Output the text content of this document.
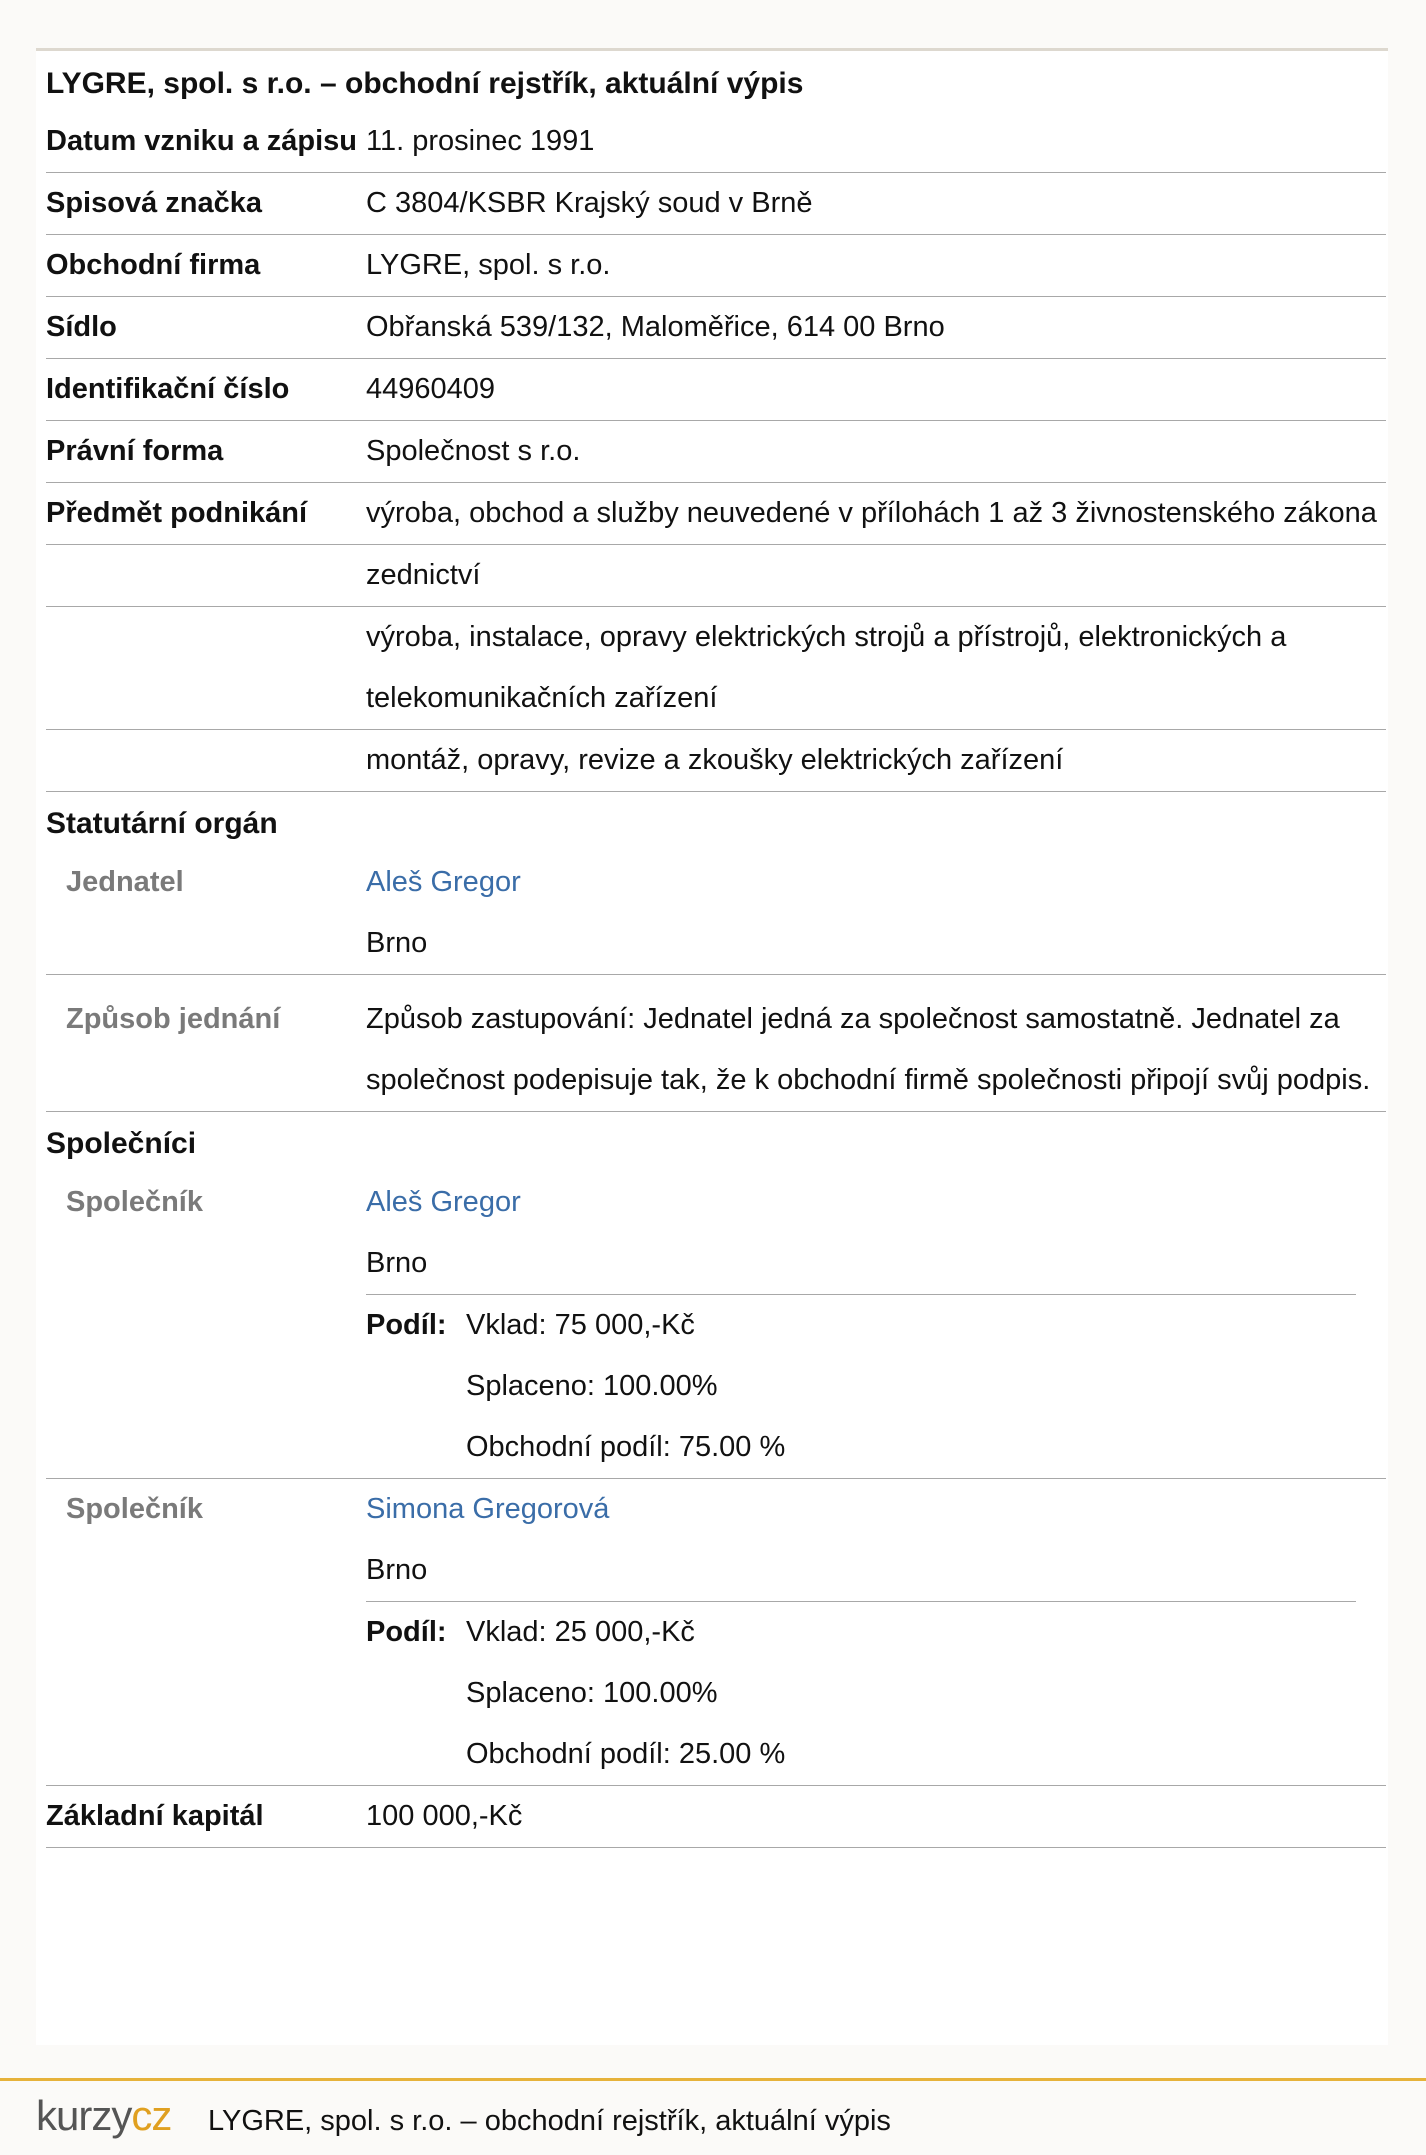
LYGRE, spol. s r.o. – obchodní rejstřík, aktuální výpis
Datum vzniku a zápisu 11. prosinec 1991
Spisová značka	C 3804/KSBR Krajský soud v Brně
Obchodní firma	LYGRE, spol. s r.o.
Sídlo	Obřanská 539/132, Maloměřice, 614 00 Brno
Identifikační číslo	44960409
Právní forma	Společnost s r.o.
Předmět podnikání	výroba, obchod a služby neuvedené v přílohách 1 až 3 živnostenského zákona
zednictví
výroba, instalace, opravy elektrických strojů a přístrojů, elektronických a telekomunikačních zařízení
montáž, opravy, revize a zkoušky elektrických zařízení
Statutární orgán
Jednatel	Aleš Gregor
Brno
Způsob jednání	Způsob zastupování: Jednatel jedná za společnost samostatně. Jednatel za společnost podepisuje tak, že k obchodní firmě společnosti připojí svůj podpis.
Společníci
Společník	Aleš Gregor
Brno
Podíl: Vklad: 75 000,-Kč
Splaceno: 100.00%
Obchodní podíl: 75.00 %
Společník	Simona Gregorová
Brno
Podíl: Vklad: 25 000,-Kč
Splaceno: 100.00%
Obchodní podíl: 25.00 %
Základní kapitál	100 000,-Kč
kurzycz LYGRE, spol. s r.o. – obchodní rejstřík, aktuální výpis
